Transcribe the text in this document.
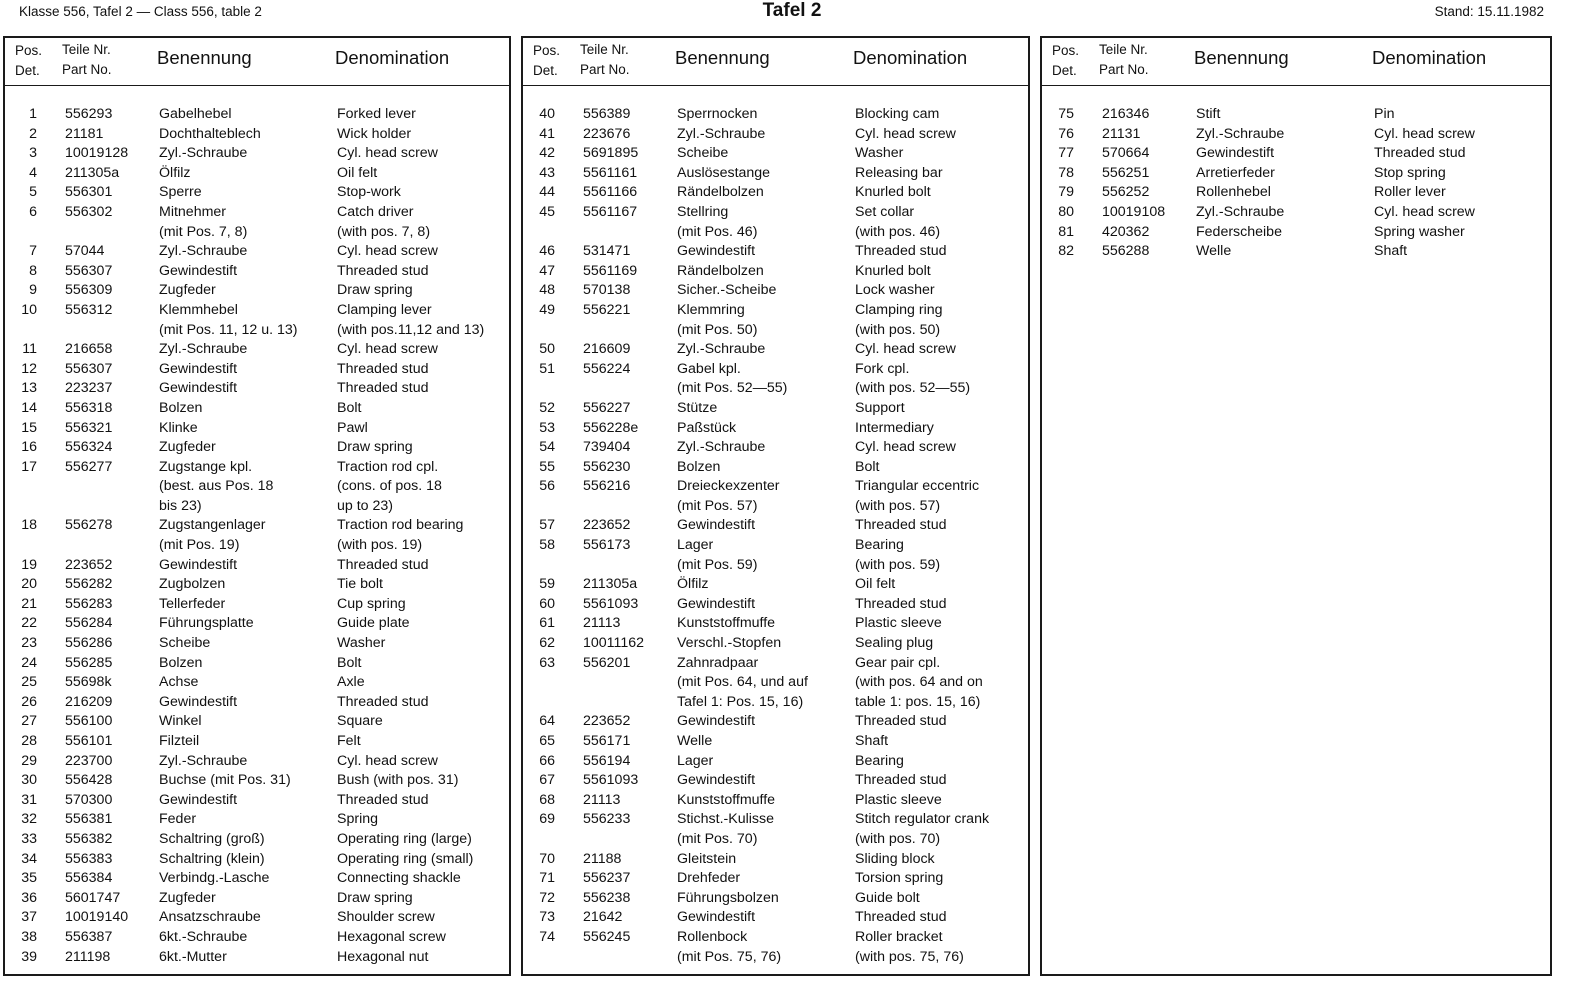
Klasse 556, Tafel 2 — Class 556, table 2	Tafel 2	Stand: 15.11.1982
Pos.
Det.
Teile Nr.
Part No.
Benennung	Denomination
1 556293	Gabelhebel	Forked lever
2 21181	Dochthalteblech	Wick holder
3 10019128 Zyl.-Schraube	Cyl. head screw
4 211305a	Ölfilz	Oil felt
5 556301	Sperre	Stop-work
6 556302	Mitnehmer	Catch driver
(mit Pos. 7, 8)	(with pos. 7, 8)
7 57044	Zyl.-Schraube	Cyl. head screw
8 556307	Gewindestift	Threaded stud
9 556309	Zugfeder	Draw spring
10 556312	Klemmhebel	Clamping lever
(mit Pos. 11, 12 u. 13)	(with pos.11,12 and 13)
11 216658	Zyl.-Schraube	Cyl. head screw
12 556307	Gewindestift	Threaded stud
13 223237	Gewindestift	Threaded stud
14 556318	Bolzen	Bolt
15 556321	Klinke	Pawl
16 556324	Zugfeder	Draw spring
17 556277	Zugstange kpl.	Traction rod cpl.
(best. aus Pos. 18	(cons. of pos. 18
bis 23)	up to 23)
18 556278	Zugstangenlager	Traction rod bearing
(mit Pos. 19)	(with pos. 19)
19 223652	Gewindestift	Threaded stud
20 556282	Zugbolzen	Tie bolt
21 556283	Tellerfeder	Cup spring
22 556284	Führungsplatte	Guide plate
23 556286	Scheibe	Washer
24 556285	Bolzen	Bolt
25 55698k	Achse	Axle
26 216209	Gewindestift	Threaded stud
27 556100	Winkel	Square
28 556101	Filzteil	Felt
29 223700	Zyl.-Schraube	Cyl. head screw
30 556428	Buchse (mit Pos. 31)	Bush (with pos. 31)
31 570300	Gewindestift	Threaded stud
32 556381	Feder	Spring
33 556382	Schaltring (groß)	Operating ring (large)
34 556383	Schaltring (klein)	Operating ring (small)
35 556384	Verbindg.-Lasche	Connecting shackle
36 5601747	Zugfeder	Draw spring
37 10019140 Ansatzschraube	Shoulder screw
38 556387	6kt.-Schraube	Hexagonal screw
39 211198	6kt.-Mutter	Hexagonal nut
Pos.
Det.
Teile Nr.
Part No.
Benennung	Denomination
40 556389	Sperrnocken	Blocking cam
41 223676	Zyl.-Schraube	Cyl. head screw
42 5691895	Scheibe	Washer
43 5561161	Auslösestange	Releasing bar
44 5561166	Rändelbolzen	Knurled bolt
45 5561167	Stellring	Set collar
(mit Pos. 46)	(with pos. 46)
46 531471	Gewindestift	Threaded stud
47 5561169	Rändelbolzen	Knurled bolt
48 570138	Sicher.-Scheibe	Lock washer
49 556221	Klemmring	Clamping ring
(mit Pos. 50)	(with pos. 50)
50 216609	Zyl.-Schraube	Cyl. head screw
51 556224	Gabel kpl.	Fork cpl.
(mit Pos. 52—55)	(with pos. 52—55)
52 556227	Stütze	Support
53 556228e	Paßstück	Intermediary
54 739404	Zyl.-Schraube	Cyl. head screw
55 556230	Bolzen	Bolt
56 556216	Dreieckexzenter	Triangular eccentric
(mit Pos. 57)	(with pos. 57)
57 223652	Gewindestift	Threaded stud
58 556173	Lager	Bearing
(mit Pos. 59)	(with pos. 59)
59 211305a	Ölfilz	Oil felt
60 5561093	Gewindestift	Threaded stud
61 21113	Kunststoffmuffe	Plastic sleeve
62 10011162 Verschl.-Stopfen	Sealing plug
63 556201	Zahnradpaar	Gear pair cpl.
(mit Pos. 64, und auf	(with pos. 64 and on
Tafel 1: Pos. 15, 16)	table 1: pos. 15, 16)
64 223652	Gewindestift	Threaded stud
65 556171	Welle	Shaft
66 556194	Lager	Bearing
67 5561093	Gewindestift	Threaded stud
68 21113	Kunststoffmuffe	Plastic sleeve
69 556233	Stichst.-Kulisse	Stitch regulator crank
(mit Pos. 70)	(with pos. 70)
70 21188	Gleitstein	Sliding block
71 556237	Drehfeder	Torsion spring
72 556238	Führungsbolzen	Guide bolt
73 21642	Gewindestift	Threaded stud
74 556245	Rollenbock	Roller bracket
(mit Pos. 75, 76)	(with pos. 75, 76)
Pos.
Det.
Teile Nr.
Part No.
Benennung	Denomination
75 216346	Stift	Pin
76 21131	Zyl.-Schraube	Cyl. head screw
77 570664	Gewindestift	Threaded stud
78 556251	Arretierfeder	Stop spring
79 556252	Rollenhebel	Roller lever
80 10019108 Zyl.-Schraube	Cyl. head screw
81 420362	Federscheibe	Spring washer
82 556288	Welle	Shaft
